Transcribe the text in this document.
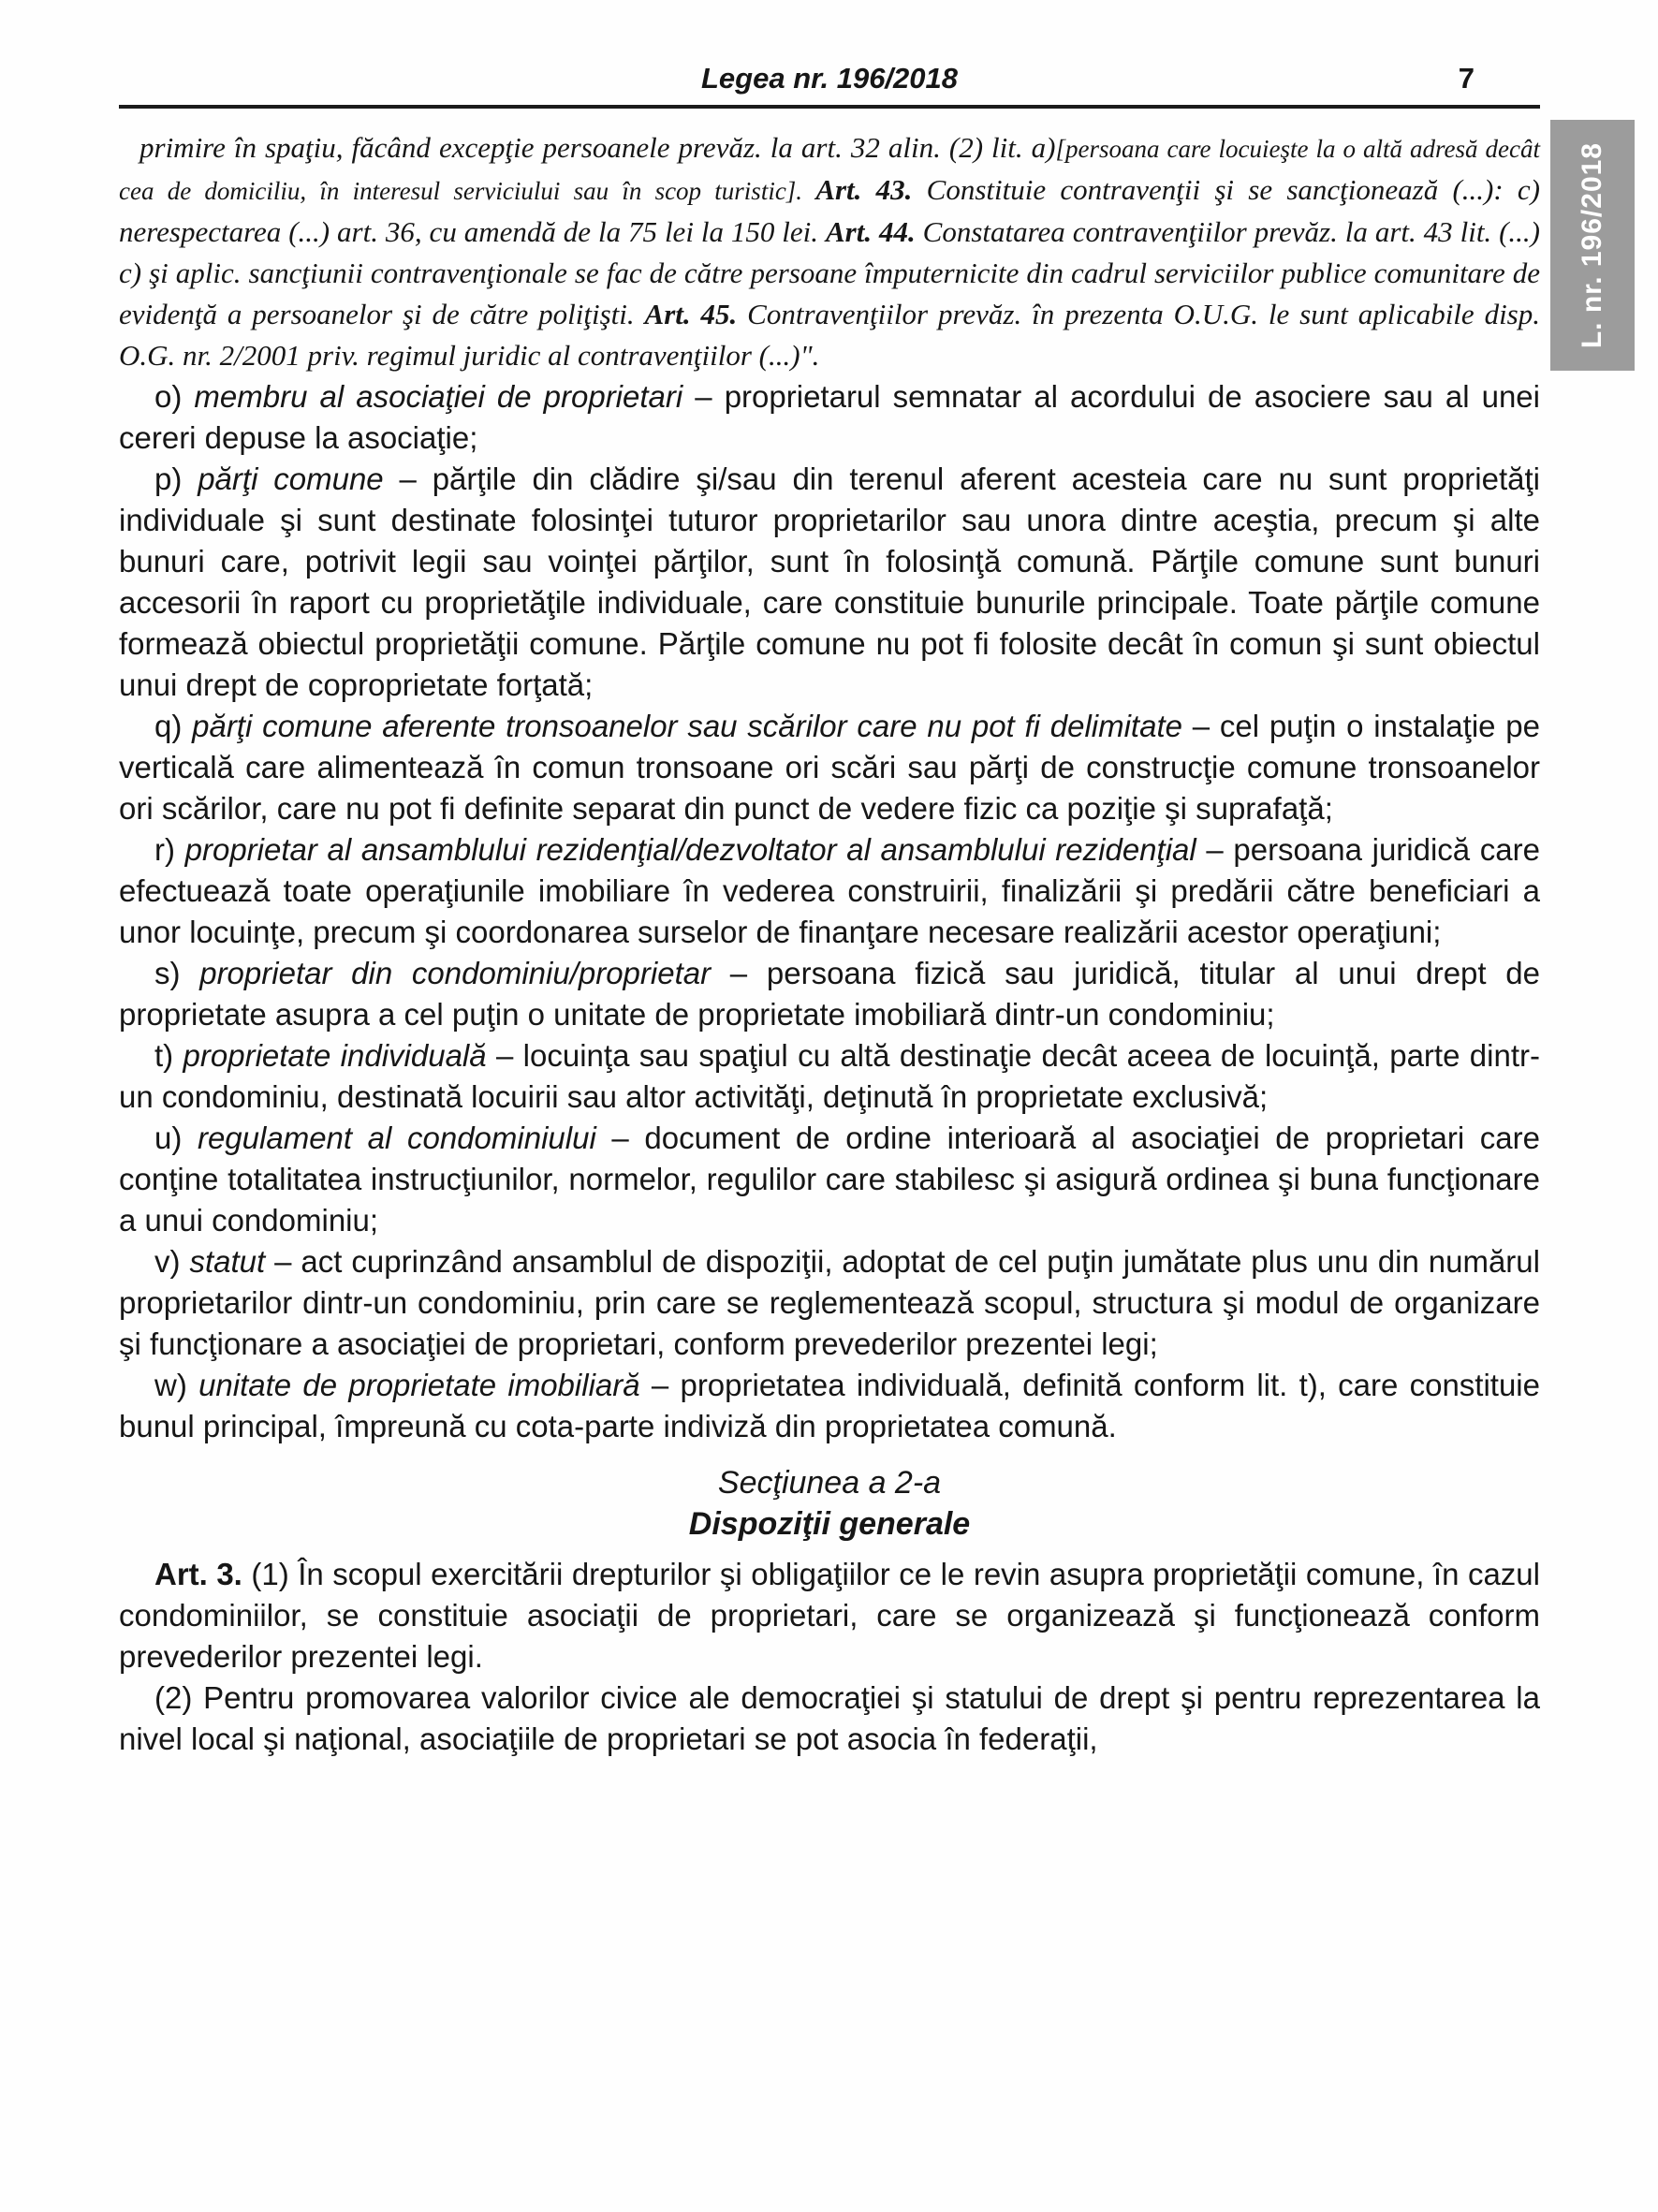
L. nr. 196/2018
Legea nr. 196/2018	7

primire în spaţiu, făcând excepţie persoanele prevăz. la art. 32 alin. (2) lit. a)[persoana care locuieşte la o altă adresă decât cea de domiciliu, în interesul serviciului sau în scop turistic]. Art. 43. Constituie contravenţii şi se sancţionează (...): c) nerespectarea (...) art. 36, cu amendă de la 75 lei la 150 lei. Art. 44. Constatarea contravenţiilor prevăz. la art. 43 lit. (...) c) şi aplic. sancţiunii contravenţionale se fac de către persoane împuternicite din cadrul serviciilor publice comunitare de evidenţă a persoanelor şi de către poliţişti. Art. 45. Contravenţiilor prevăz. în prezenta O.U.G. le sunt aplicabile disp. O.G. nr. 2/2001 priv. regimul juridic al contravenţiilor (...)".

o) membru al asociaţiei de proprietari – proprietarul semnatar al acordului de asociere sau al unei cereri depuse la asociaţie;

p) părţi comune – părţile din clădire şi/sau din terenul aferent acesteia care nu sunt proprietăţi individuale şi sunt destinate folosinţei tuturor proprietarilor sau unora dintre aceştia, precum şi alte bunuri care, potrivit legii sau voinţei părţilor, sunt în folosinţă comună. Părţile comune sunt bunuri accesorii în raport cu proprietăţile individuale, care constituie bunurile principale. Toate părţile comune formează obiectul proprietăţii comune. Părţile comune nu pot fi folosite decât în comun şi sunt obiectul unui drept de coproprietate forţată;

q) părţi comune aferente tronsoanelor sau scărilor care nu pot fi delimitate – cel puţin o instalaţie pe verticală care alimentează în comun tronsoane ori scări sau părţi de construcţie comune tronsoanelor ori scărilor, care nu pot fi definite separat din punct de vedere fizic ca poziţie şi suprafaţă;

r) proprietar al ansamblului rezidenţial/dezvoltator al ansamblului rezidenţial – persoana juridică care efectuează toate operaţiunile imobiliare în vederea construirii, finalizării şi predării către beneficiari a unor locuinţe, precum şi coordonarea surselor de finanţare necesare realizării acestor operaţiuni;

s) proprietar din condominiu/proprietar – persoana fizică sau juridică, titular al unui drept de proprietate asupra a cel puţin o unitate de proprietate imobiliară dintr-un condominiu;

t) proprietate individuală – locuinţa sau spaţiul cu altă destinaţie decât aceea de locuinţă, parte dintr-un condominiu, destinată locuirii sau altor activităţi, deţinută în proprietate exclusivă;

u) regulament al condominiului – document de ordine interioară al asociaţiei de proprietari care conţine totalitatea instrucţiunilor, normelor, regulilor care stabilesc şi asigură ordinea şi buna funcţionare a unui condominiu;

v) statut – act cuprinzând ansamblul de dispoziţii, adoptat de cel puţin jumătate plus unu din numărul proprietarilor dintr-un condominiu, prin care se reglementează scopul, structura şi modul de organizare şi funcţionare a asociaţiei de proprietari, conform prevederilor prezentei legi;

w) unitate de proprietate imobiliară – proprietatea individuală, definită conform lit. t), care constituie bunul principal, împreună cu cota-parte indiviză din proprietatea comună.

Secţiunea a 2-a

Dispoziţii generale

Art. 3. (1) În scopul exercitării drepturilor şi obligaţiilor ce le revin asupra proprietăţii comune, în cazul condominiilor, se constituie asociaţii de proprietari, care se organizează şi funcţionează conform prevederilor prezentei legi.

(2) Pentru promovarea valorilor civice ale democraţiei şi statului de drept şi pentru reprezentarea la nivel local şi naţional, asociaţiile de proprietari se pot asocia în federaţii,
